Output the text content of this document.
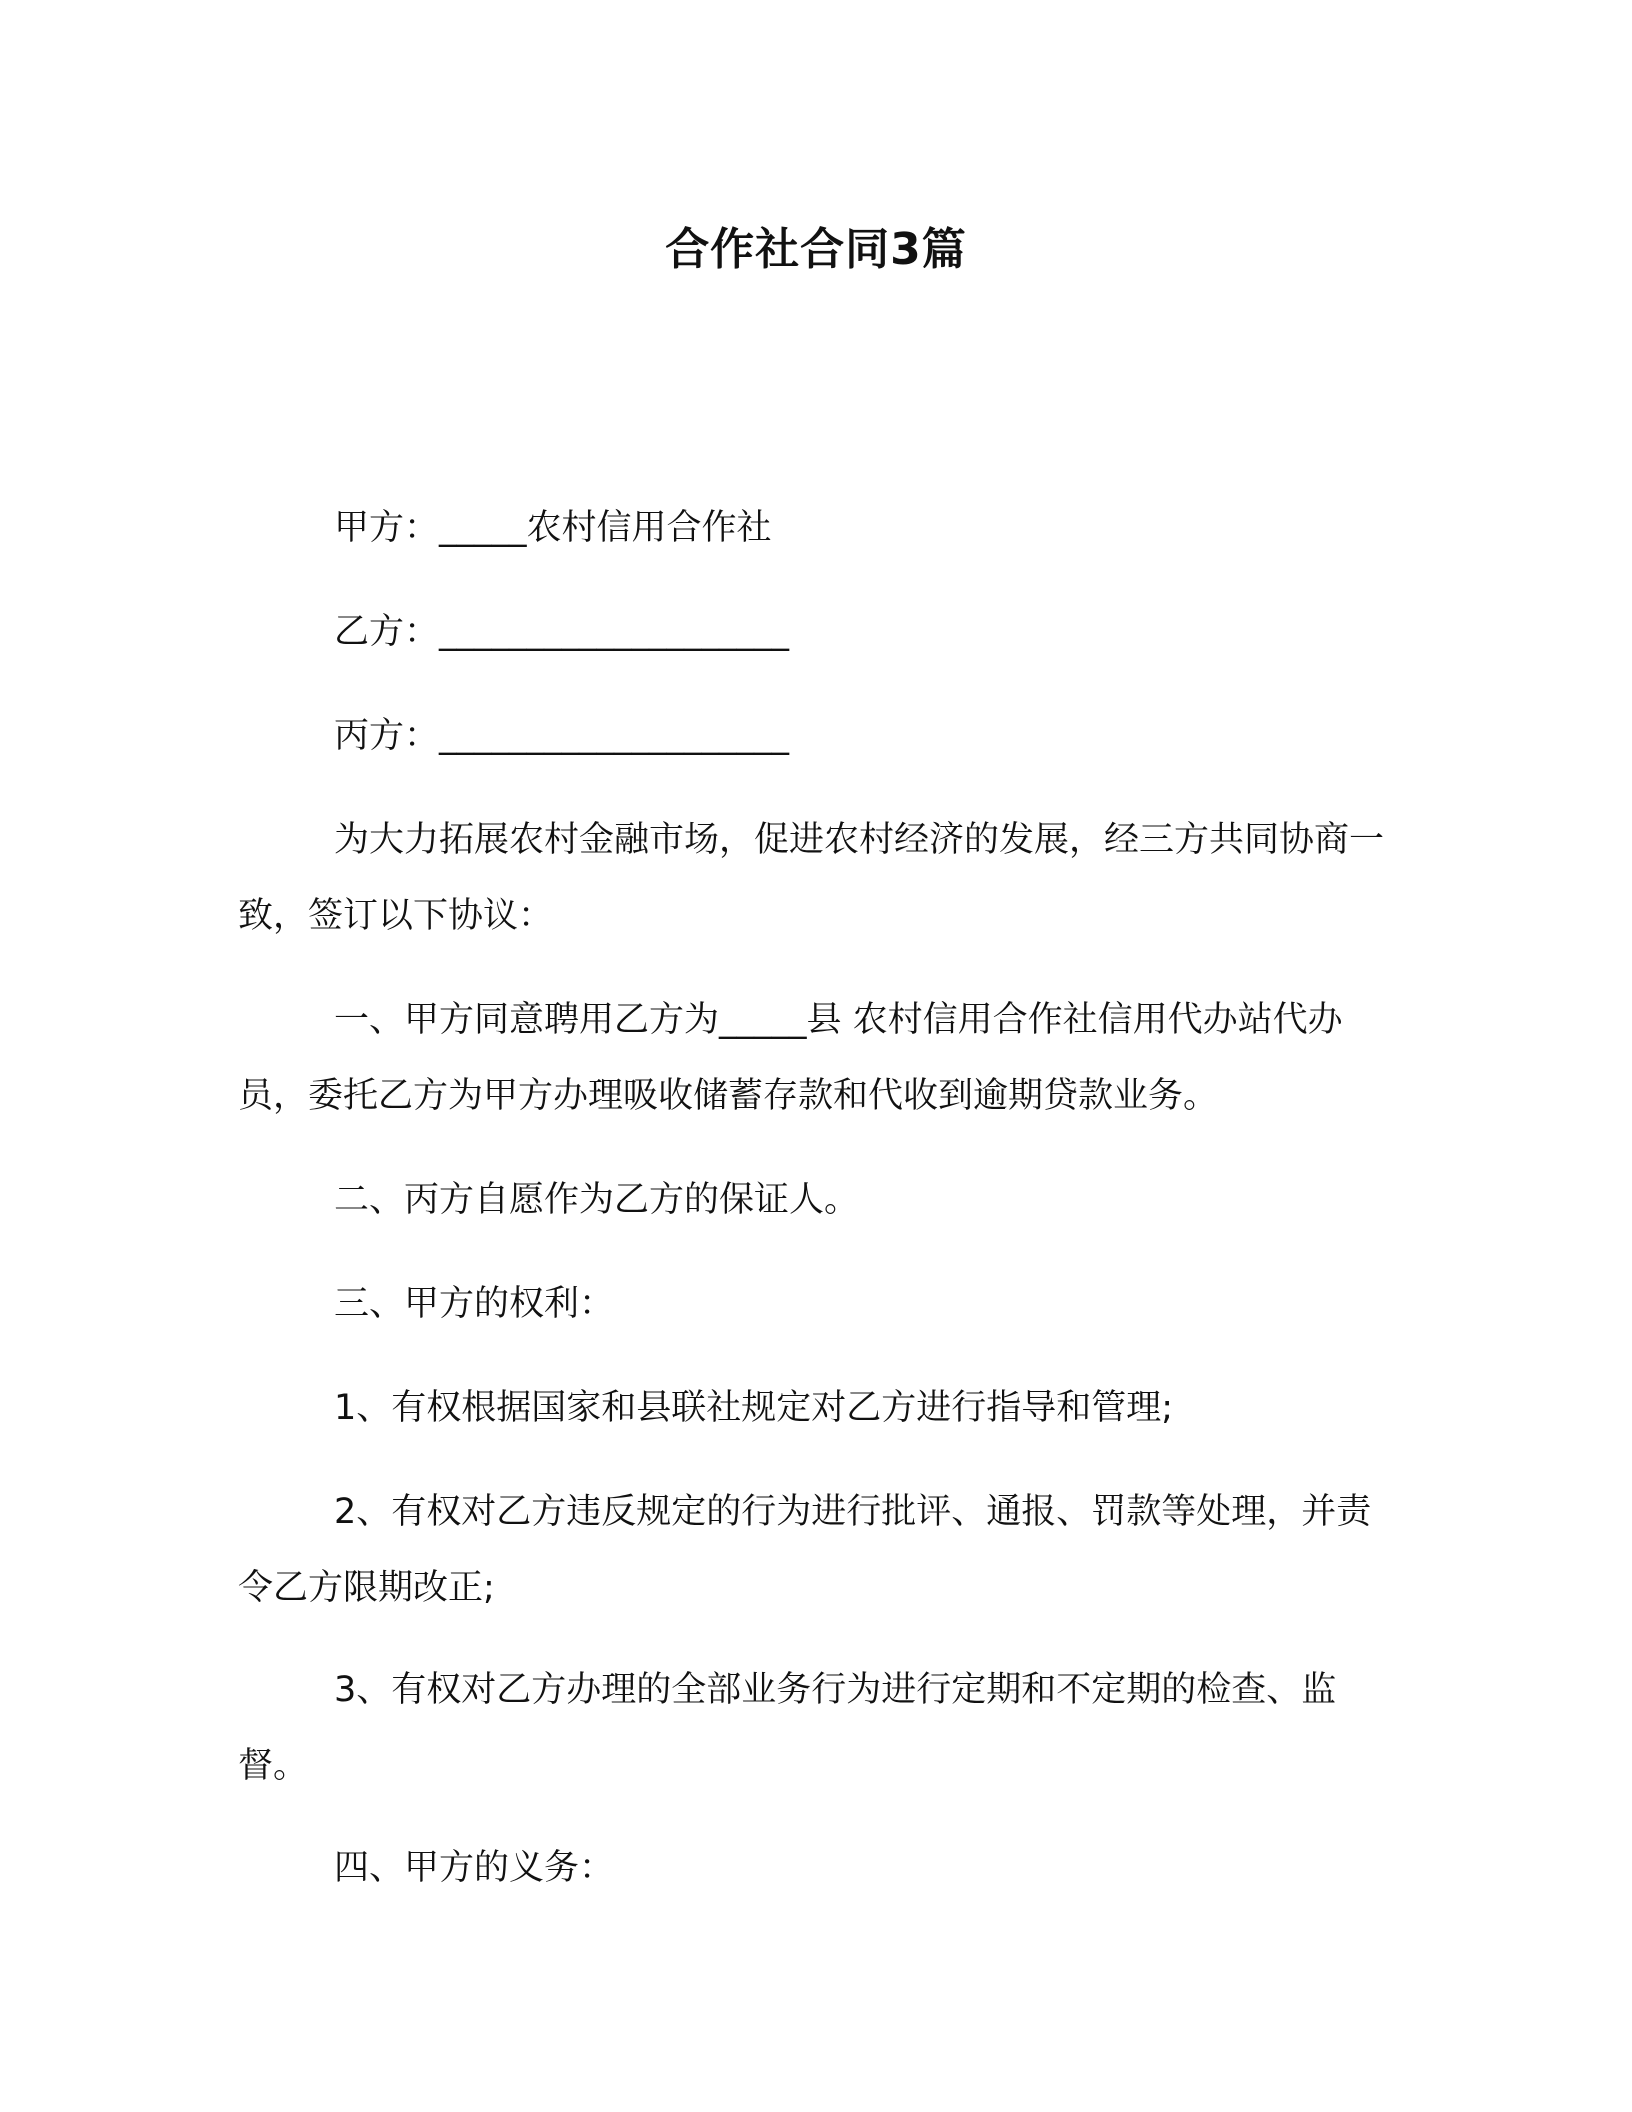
合作社合同3篇
甲方：_____农村信用合作社
乙方：____________________
丙方：____________________
为大力拓展农村金融市场，促进农村经济的发展，经三方共同协商一致，签订以下协议：
一、甲方同意聘用乙方为_____县 农村信用合作社信用代办站代办员，委托乙方为甲方办理吸收储蓄存款和代收到逾期贷款业务。
二、丙方自愿作为乙方的保证人。
三、甲方的权利：
1、有权根据国家和县联社规定对乙方进行指导和管理;
2、有权对乙方违反规定的行为进行批评、通报、罚款等处理，并责令乙方限期改正;
3、有权对乙方办理的全部业务行为进行定期和不定期的检查、监督。
四、甲方的义务：
